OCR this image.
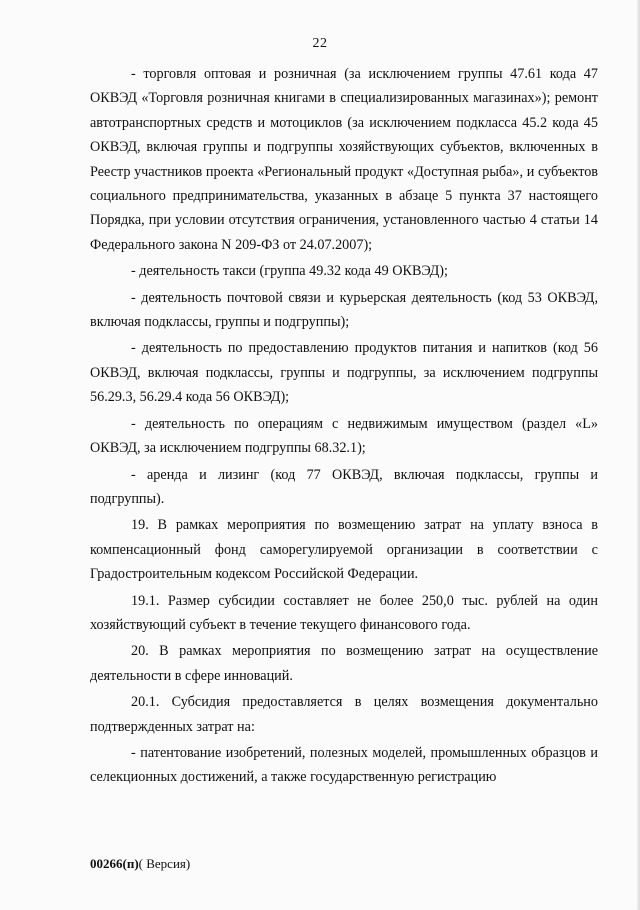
22

- торговля оптовая и розничная (за исключением группы 47.61 кода 47 ОКВЭД «Торговля розничная книгами в специализированных магазинах»); ремонт автотранспортных средств и мотоциклов (за исключением подкласса 45.2 кода 45 ОКВЭД, включая группы и подгруппы хозяйствующих субъектов, включенных в Реестр участников проекта «Региональный продукт «Доступная рыба», и субъектов социального предпринимательства, указанных в абзаце 5 пункта 37 настоящего Порядка, при условии отсутствия ограничения, установленного частью 4 статьи 14 Федерального закона N 209-ФЗ от 24.07.2007);

- деятельность такси (группа 49.32 кода 49 ОКВЭД);

- деятельность почтовой связи и курьерская деятельность (код 53 ОКВЭД, включая подклассы, группы и подгруппы);

- деятельность по предоставлению продуктов питания и напитков (код 56 ОКВЭД, включая подклассы, группы и подгруппы, за исключением подгруппы 56.29.3, 56.29.4 кода 56 ОКВЭД);

- деятельность по операциям с недвижимым имуществом (раздел «L» ОКВЭД, за исключением подгруппы 68.32.1);

- аренда и лизинг (код 77 ОКВЭД, включая подклассы, группы и подгруппы).

19. В рамках мероприятия по возмещению затрат на уплату взноса в компенсационный фонд саморегулируемой организации в соответствии с Градостроительным кодексом Российской Федерации.

19.1. Размер субсидии составляет не более 250,0 тыс. рублей на один хозяйствующий субъект в течение текущего финансового года.

20. В рамках мероприятия по возмещению затрат на осуществление деятельности в сфере инноваций.

20.1. Субсидия предоставляется в целях возмещения документально подтвержденных затрат на:

- патентование изобретений, полезных моделей, промышленных образцов и селекционных достижений, а также государственную регистрацию

00266(п)( Версия)
